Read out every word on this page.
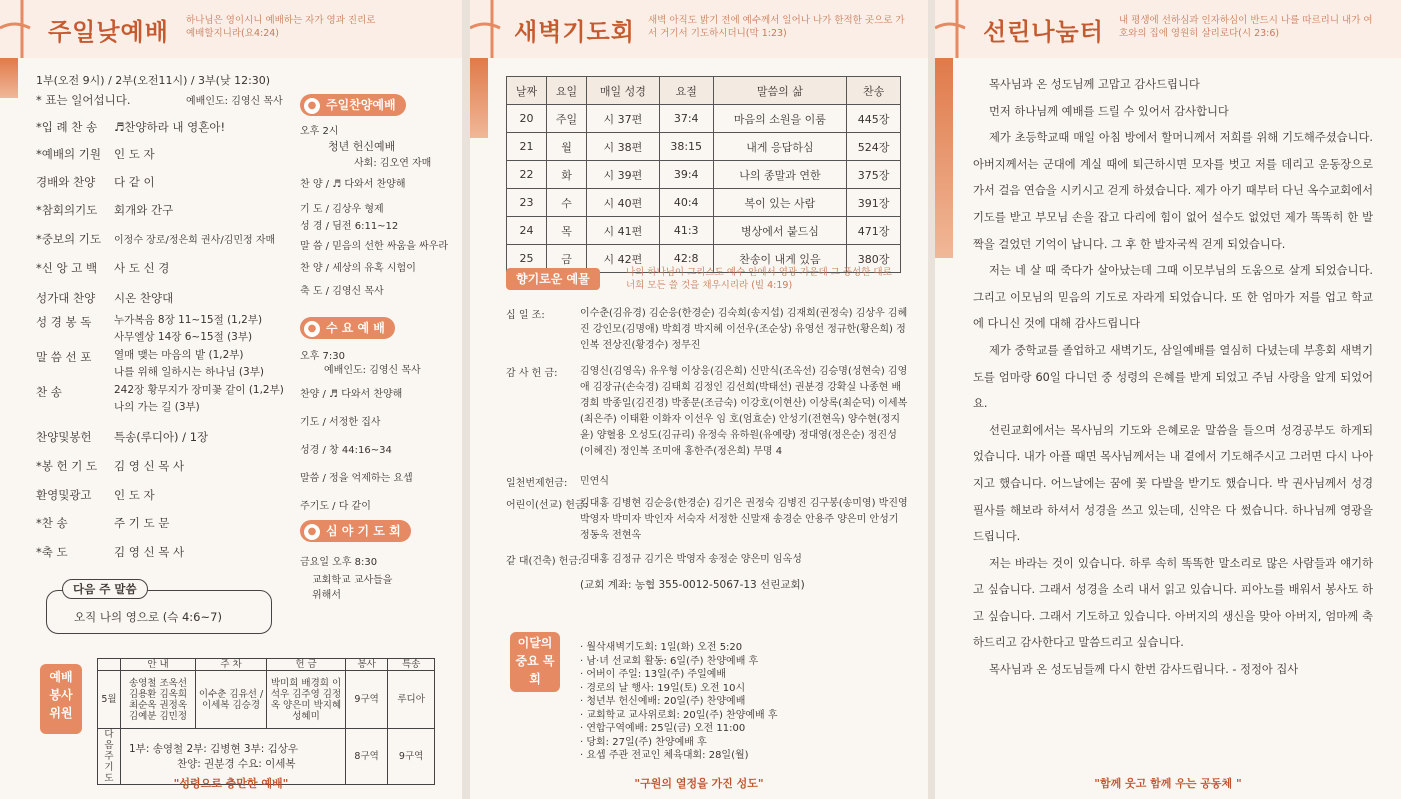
주일낮예배 하나님은 영이시니 예배하는 자가 영과 진리로 예배할지니라(요4:24)
1부(오전 9시) / 2부(오전11시) / 3부(낮 12:30)
* 표는 일어섭니다.	예배인도: 김영신 목사
*입 례 찬 송 ♬찬양하라 내 영혼아!
*예배의 기원 인 도 자
경배와 찬양 다 같 이
*참회의기도 회개와 간구
*중보의 기도 이정수 장로/정은희 권사/김민정 자매
*신 앙 고 백 사 도 신 경
성가대 찬양 시온 찬양대
성 경 봉 독 누가복음 8장 11~15절 (1,2부)
사무엘상 14장 6~15절 (3부)
말 씀 선 포 열매 맺는 마음의 밭 (1,2부)
나를 위해 일하시는 하나님 (3부)
찬 송	242장 황무지가 장미꽃 같이 (1,2부)
나의 가는 길 (3부)
찬양및봉헌 특송(루디아) / 1장
*봉 헌 기 도 김 영 신 목 사
환영및광고 인 도 자
*찬 송	주 기 도 문
*축 도	김 영 신 목 사
● 주일찬양예배
오후 2시
청년 헌신예배
사회: 김오연 자매
찬 양 / ♬ 다와서 찬양해
기 도 / 김상우 형제
성 경 / 딤전 6:11~12
말 씀 / 믿음의 선한 싸움을 싸우라
찬 양 / 세상의 유혹 시험이
축 도 / 김영신 목사
● 수 요 예 배
오후 7:30
예배인도: 김영신 목사
찬양 / ♬ 다와서 찬양해
기도 / 서정한 집사
성경 / 창 44:16~34
말씀 / 정을 억제하는 요셉
주기도 / 다 같이
● 심 야 기 도 회
금요일 오후 8:30
교회학교 교사들을
위해서
다음 주 말씀
오직 나의 영으로 (슥 4:6~7)
예배봉사위원
	안 내	주 차	헌 금	봉사	특송
5월	송영철 조옥선 김용환 김옥희 최순옥 권정옥 김예분 김민정	이수춘 김유선 / 이세복 김승경	박미희 배경희 이석우 김주영 김정옥 양은미 박지혜 성혜미	9구역	루디아
다음주 기도	1부: 송영철 2부: 김병현 3부: 김상우
찬양: 권분경 수요: 이세복			8구역	9구역
"성령으로 충만한 예배"
새벽기도회 새벽 아직도 밝기 전에 예수께서 일어나 나가 한적한 곳으로 가서 거기서 기도하시더니(막 1:23)
날짜	요일	매일 성경	요절	말씀의 삶	찬송
20	주일	시 37편	37:4	마음의 소원을 이룸	445장
21	월	시 38편	38:15	내게 응답하심	524장
22	화	시 39편	39:4	나의 종말과 연한	375장
23	수	시 40편	40:4	복이 있는 사람	391장
24	목	시 41편	41:3	병상에서 붙드심	471장
25	금	시 42편	42:8	찬송이 내게 있음	380장
향기로운 예물	나의 하나님이 그리스도 예수 안에서 영광 가운데 그 풍성한 대로 너희 모든 쓸 것을 채우시리라 (빌 4:19)
십 일 조:	이수춘(김유경) 김순응(한경순) 김숙희(송지섭) 김재희(권정숙) 김상우 김혜진 강인모(김명애) 박희경 박지혜 이선우(조순상) 유영선 정규한(황은희) 정인복 전상진(황경수) 정무진
감 사 헌 금: 김영신(김영옥) 유우형 이상응(김은희) 신만식(조옥선) 김승명(성현숙) 김영애 김장규(손숙경) 김태희 김정인 김선희(박태선) 권분경 강확실 나종현 배경희 박종일(김진경) 박종문(조금숙) 이강호(이현산) 이상록(최순덕) 이세복(최은주) 이태환 이화자 이선우 임 호(엄효순) 안성기(전현옥) 양수현(정지윤) 양혈용 오성도(김규리) 유정숙 유하원(유예량) 정대영(정은순) 정진성(이혜진) 정인복 조미애 홍한주(정은희) 무명 4
일천번제헌금: 민연식
어린이(선교) 헌금:
김대홍 김병현 김순응(한경순) 김기은 권정숙 김병진 김구봉(송미영) 박진영 박영자 박미자 박인자 서숙자 서정한 신말재 송경순 안용주 양은미 안성기 정동욱 전현옥
같 대(건축) 헌금:
김대홍 김정규 김기은 박영자 송정순 양은미 임옥성
(교회 계좌: 농협 355-0012-5067-13 선린교회)
이달의 중요 목회
· 월삭새벽기도회: 1일(화) 오전 5:20
· 남·녀 선교회 활동: 6일(주) 찬양예배 후
· 어버이 주일: 13일(주) 주일예배
· 경로의 날 행사: 19일(토) 오전 10시
· 청년부 헌신예배: 20일(주) 찬양예배
· 교회학교 교사위로회: 20일(주) 찬양예배 후
· 연합구역예배: 25일(금) 오전 11:00
· 당회: 27일(주) 찬양예배 후
· 요셉 주관 전교인 체육대회: 28일(월)
"구원의 열정을 가진 성도"
선린나눔터 내 평생에 선하심과 인자하심이 반드시 나를 따르리니 내가 여호와의 집에 영원히 살리로다(시 23:6)

목사님과 온 성도님께 고맙고 감사드립니다

먼저 하나님께 예배를 드릴 수 있어서 감사합니다

제가 초등학교때 매일 아침 방에서 할머니께서 저희를 위해 기도해주셨습니다. 아버지께서는 군대에 계실 때에 퇴근하시면 모자를 벗고 저를 데리고 운동장으로 가서 걸음 연습을 시키시고 걷게 하셨습니다. 제가 아기 때부터 다닌 옥수교회에서 기도를 받고 부모님 손을 잡고 다리에 힘이 없어 설수도 없었던 제가 똑똑히 한 발짝을 걸었던 기억이 납니다. 그 후 한 발자국씩 걷게 되었습니다.

저는 네 살 때 죽다가 살아났는데 그때 이모부님의 도움으로 살게 되었습니다. 그리고 이모님의 믿음의 기도로 자라게 되었습니다. 또 한 엄마가 저를 업고 학교에 다니신 것에 대해 감사드립니다

제가 중학교를 졸업하고 새벽기도, 삼일예배를 열심히 다녔는데 부흥회 새벽기도를 엄마랑 60일 다니던 중 성령의 은혜를 받게 되었고 주님 사랑을 알게 되었어요.

선린교회에서는 목사님의 기도와 은혜로운 말씀을 들으며 성경공부도 하게되었습니다. 내가 아플 때면 목사님께서는 내 곁에서 기도해주시고 그러면 다시 나아지고 했습니다. 어느날에는 꿈에 꽃 다발을 받기도 했습니다. 박 권사님께서 성경필사를 해보라 하셔서 성경을 쓰고 있는데, 신약은 다 썼습니다. 하나님께 영광을 드립니다.

저는 바라는 것이 있습니다. 하루 속히 똑똑한 말소리로 많은 사람들과 얘기하고 싶습니다. 그래서 성경을 소리 내서 읽고 있습니다. 피아노를 배워서 봉사도 하고 싶습니다. 그래서 기도하고 있습니다. 아버지의 생신을 맞아 아버지, 엄마께 축하드리고 감사한다고 말씀드리고 싶습니다.

목사님과 온 성도님들께 다시 한번 감사드립니다. - 정정아 집사

"함께 웃고 함께 우는 공동체 "
